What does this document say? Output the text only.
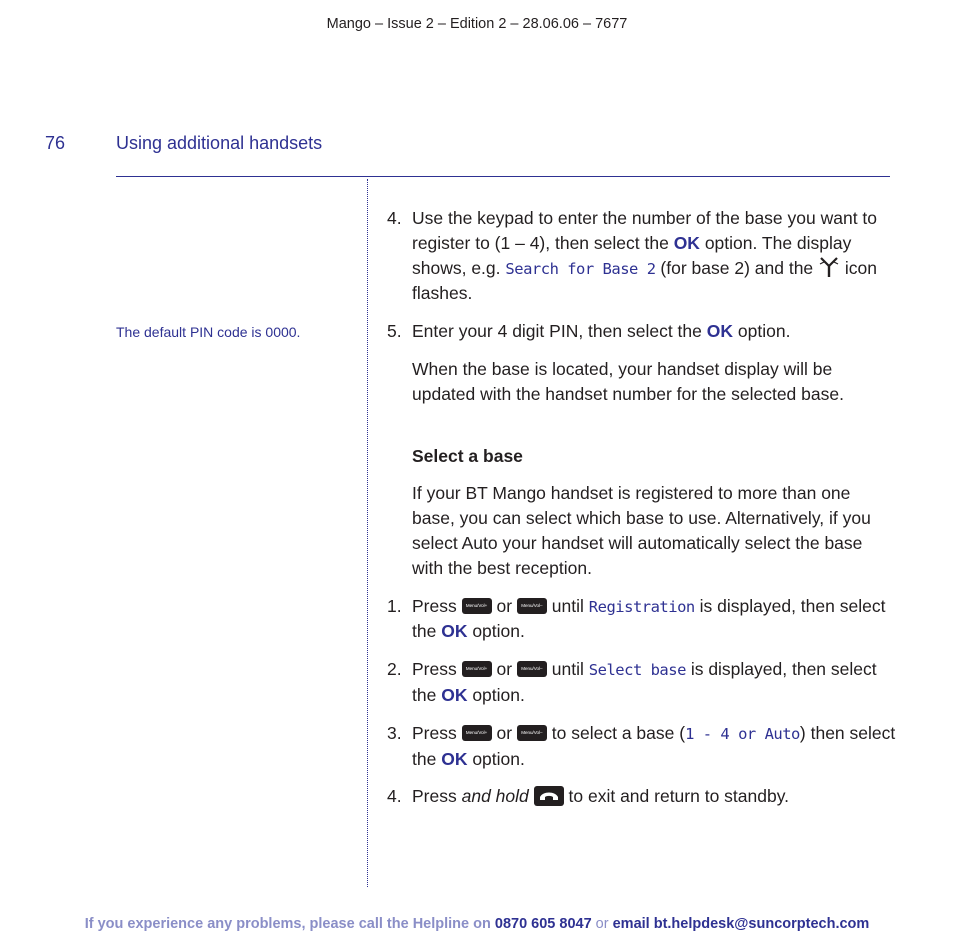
Mango – Issue 2 – Edition 2 – 28.06.06 – 7677
76	Using additional handsets
The default PIN code is 0000.
4. Use the keypad to enter the number of the base you want to register to (1 – 4), then select the OK option. The display shows, e.g. Search for Base 2 (for base 2) and the icon flashes.
5. Enter your 4 digit PIN, then select the OK option.
When the base is located, your handset display will be updated with the handset number for the selected base.
Select a base
If your BT Mango handset is registered to more than one base, you can select which base to use. Alternatively, if you select Auto your handset will automatically select the base with the best reception.
1. Press Menu/Vol+ or Menu/Vol– until Registration is displayed, then select the OK option.
2. Press Menu/Vol+ or Menu/Vol– until Select base is displayed, then select the OK option.
3. Press Menu/Vol+ or Menu/Vol– to select a base (1 - 4 or Auto) then select the OK option.
4. Press and hold to exit and return to standby.
If you experience any problems, please call the Helpline on 0870 605 8047 or email bt.helpdesk@suncorptech.com
